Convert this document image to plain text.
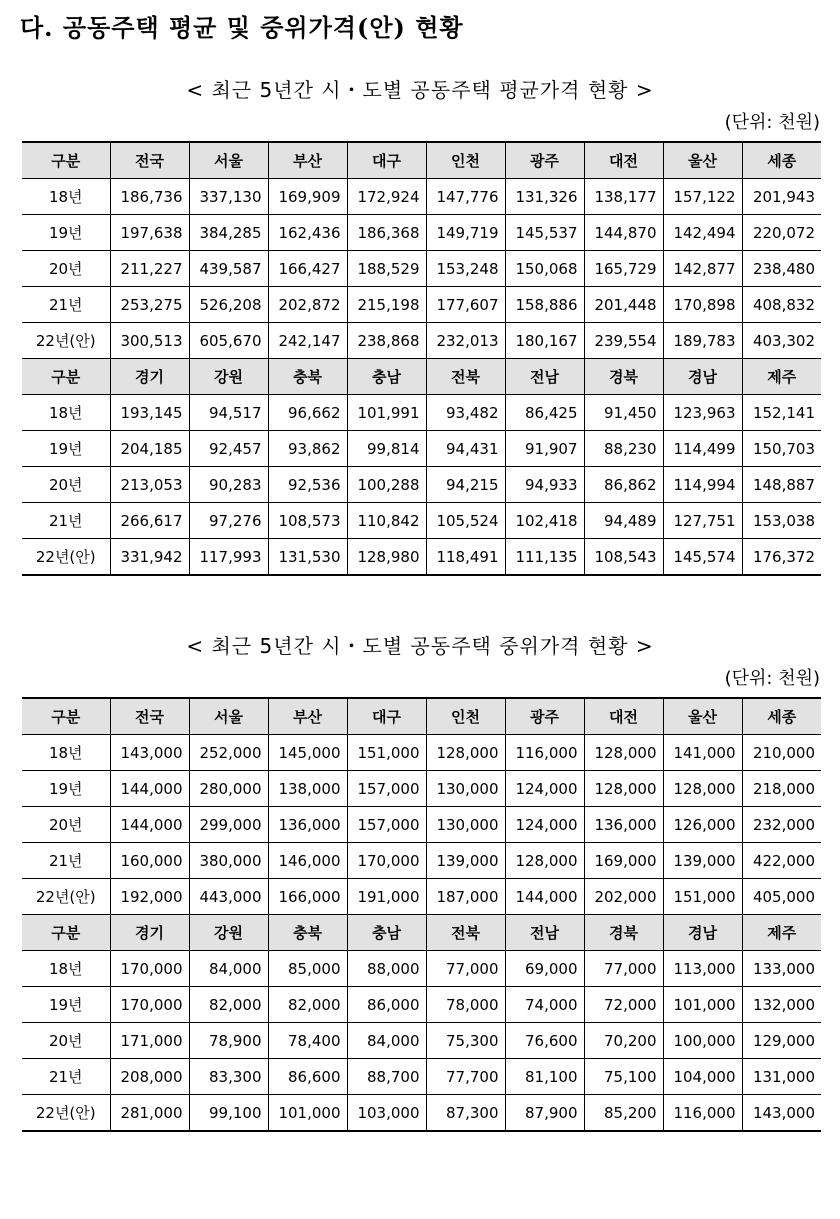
다. 공동주택 평균 및 중위가격(안) 현황
< 최근 5년간 시・도별 공동주택 평균가격 현황 >
(단위: 천원)
구분	전국	서울	부산	대구	인천	광주	대전	울산	세종
18년	186,736	337,130	169,909	172,924	147,776	131,326	138,177	157,122	201,943
19년	197,638	384,285	162,436	186,368	149,719	145,537	144,870	142,494	220,072
20년	211,227	439,587	166,427	188,529	153,248	150,068	165,729	142,877	238,480
21년	253,275	526,208	202,872	215,198	177,607	158,886	201,448	170,898	408,832
22년(안)	300,513	605,670	242,147	238,868	232,013	180,167	239,554	189,783	403,302
구분	경기	강원	충북	충남	전북	전남	경북	경남	제주
18년	193,145	94,517	96,662	101,991	93,482	86,425	91,450	123,963	152,141
19년	204,185	92,457	93,862	99,814	94,431	91,907	88,230	114,499	150,703
20년	213,053	90,283	92,536	100,288	94,215	94,933	86,862	114,994	148,887
21년	266,617	97,276	108,573	110,842	105,524	102,418	94,489	127,751	153,038
22년(안)	331,942	117,993	131,530	128,980	118,491	111,135	108,543	145,574	176,372
< 최근 5년간 시・도별 공동주택 중위가격 현황 >
(단위: 천원)
구분	전국	서울	부산	대구	인천	광주	대전	울산	세종
18년	143,000	252,000	145,000	151,000	128,000	116,000	128,000	141,000	210,000
19년	144,000	280,000	138,000	157,000	130,000	124,000	128,000	128,000	218,000
20년	144,000	299,000	136,000	157,000	130,000	124,000	136,000	126,000	232,000
21년	160,000	380,000	146,000	170,000	139,000	128,000	169,000	139,000	422,000
22년(안)	192,000	443,000	166,000	191,000	187,000	144,000	202,000	151,000	405,000
구분	경기	강원	충북	충남	전북	전남	경북	경남	제주
18년	170,000	84,000	85,000	88,000	77,000	69,000	77,000	113,000	133,000
19년	170,000	82,000	82,000	86,000	78,000	74,000	72,000	101,000	132,000
20년	171,000	78,900	78,400	84,000	75,300	76,600	70,200	100,000	129,000
21년	208,000	83,300	86,600	88,700	77,700	81,100	75,100	104,000	131,000
22년(안)	281,000	99,100	101,000	103,000	87,300	87,900	85,200	116,000	143,000
